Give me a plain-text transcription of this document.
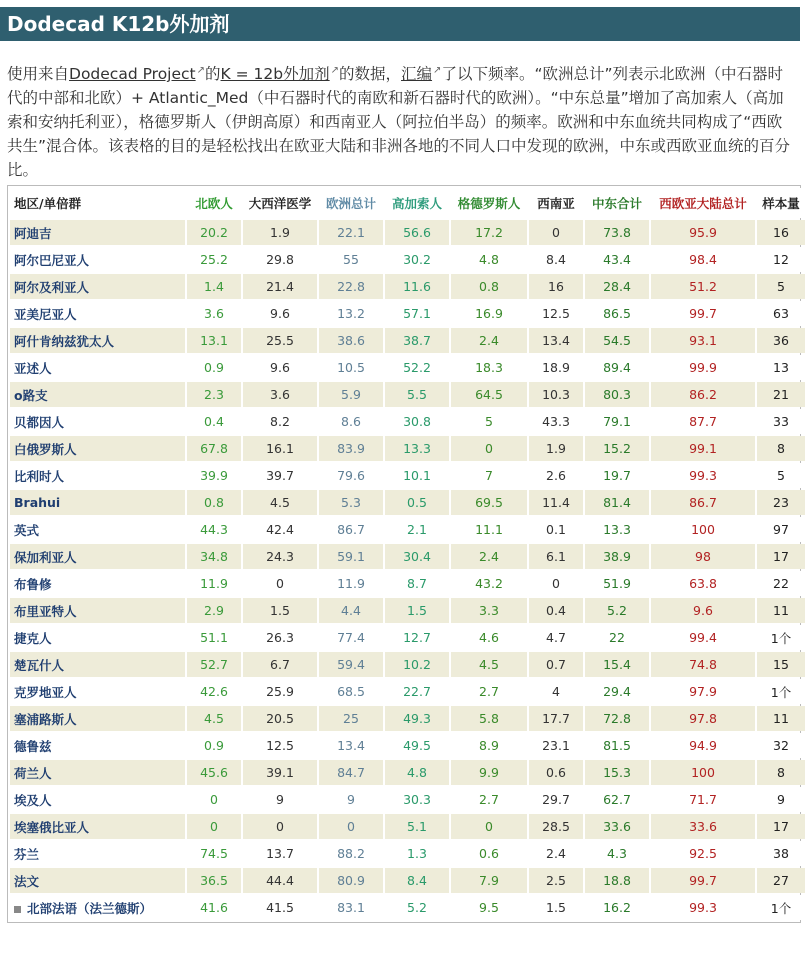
Dodecad K12b外加剂
使用来自Dodecad Project↗的K = 12b外加剂↗的数据，汇编↗了以下频率。“欧洲总计”列表示北欧洲（中石器时代的中部和北欧）+ Atlantic_Med（中石器时代的南欧和新石器时代的欧洲）。“中东总量”增加了高加索人（高加索和安纳托利亚），格德罗斯人（伊朗高原）和西南亚人（阿拉伯半岛）的频率。欧洲和中东血统共同构成了“西欧共生”混合体。该表格的目的是轻松找出在欧亚大陆和非洲各地的不同人口中发现的欧洲，中东或西欧亚血统的百分比。
地区/单倍群	北欧人	大西洋医学	欧洲总计	高加索人	格德罗斯人	西南亚	中东合计	西欧亚大陆总计	样本量
阿迪吉	20.2	1.9	22.1	56.6	17.2	0	73.8	95.9	16
阿尔巴尼亚人	25.2	29.8	55	30.2	4.8	8.4	43.4	98.4	12
阿尔及利亚人	1.4	21.4	22.8	11.6	0.8	16	28.4	51.2	5
亚美尼亚人	3.6	9.6	13.2	57.1	16.9	12.5	86.5	99.7	63
阿什肯纳兹犹太人	13.1	25.5	38.6	38.7	2.4	13.4	54.5	93.1	36
亚述人	0.9	9.6	10.5	52.2	18.3	18.9	89.4	99.9	13
o路支	2.3	3.6	5.9	5.5	64.5	10.3	80.3	86.2	21
贝都因人	0.4	8.2	8.6	30.8	5	43.3	79.1	87.7	33
白俄罗斯人	67.8	16.1	83.9	13.3	0	1.9	15.2	99.1	8
比利时人	39.9	39.7	79.6	10.1	7	2.6	19.7	99.3	5
Brahui	0.8	4.5	5.3	0.5	69.5	11.4	81.4	86.7	23
英式	44.3	42.4	86.7	2.1	11.1	0.1	13.3	100	97
保加利亚人	34.8	24.3	59.1	30.4	2.4	6.1	38.9	98	17
布鲁修	11.9	0	11.9	8.7	43.2	0	51.9	63.8	22
布里亚特人	2.9	1.5	4.4	1.5	3.3	0.4	5.2	9.6	11
捷克人	51.1	26.3	77.4	12.7	4.6	4.7	22	99.4	1个
楚瓦什人	52.7	6.7	59.4	10.2	4.5	0.7	15.4	74.8	15
克罗地亚人	42.6	25.9	68.5	22.7	2.7	4	29.4	97.9	1个
塞浦路斯人	4.5	20.5	25	49.3	5.8	17.7	72.8	97.8	11
德鲁兹	0.9	12.5	13.4	49.5	8.9	23.1	81.5	94.9	32
荷兰人	45.6	39.1	84.7	4.8	9.9	0.6	15.3	100	8
埃及人	0	9	9	30.3	2.7	29.7	62.7	71.7	9
埃塞俄比亚人	0	0	0	5.1	0	28.5	33.6	33.6	17
芬兰	74.5	13.7	88.2	1.3	0.6	2.4	4.3	92.5	38
法文	36.5	44.4	80.9	8.4	7.9	2.5	18.8	99.7	27
北部法语（法兰德斯）	41.6	41.5	83.1	5.2	9.5	1.5	16.2	99.3	1个
